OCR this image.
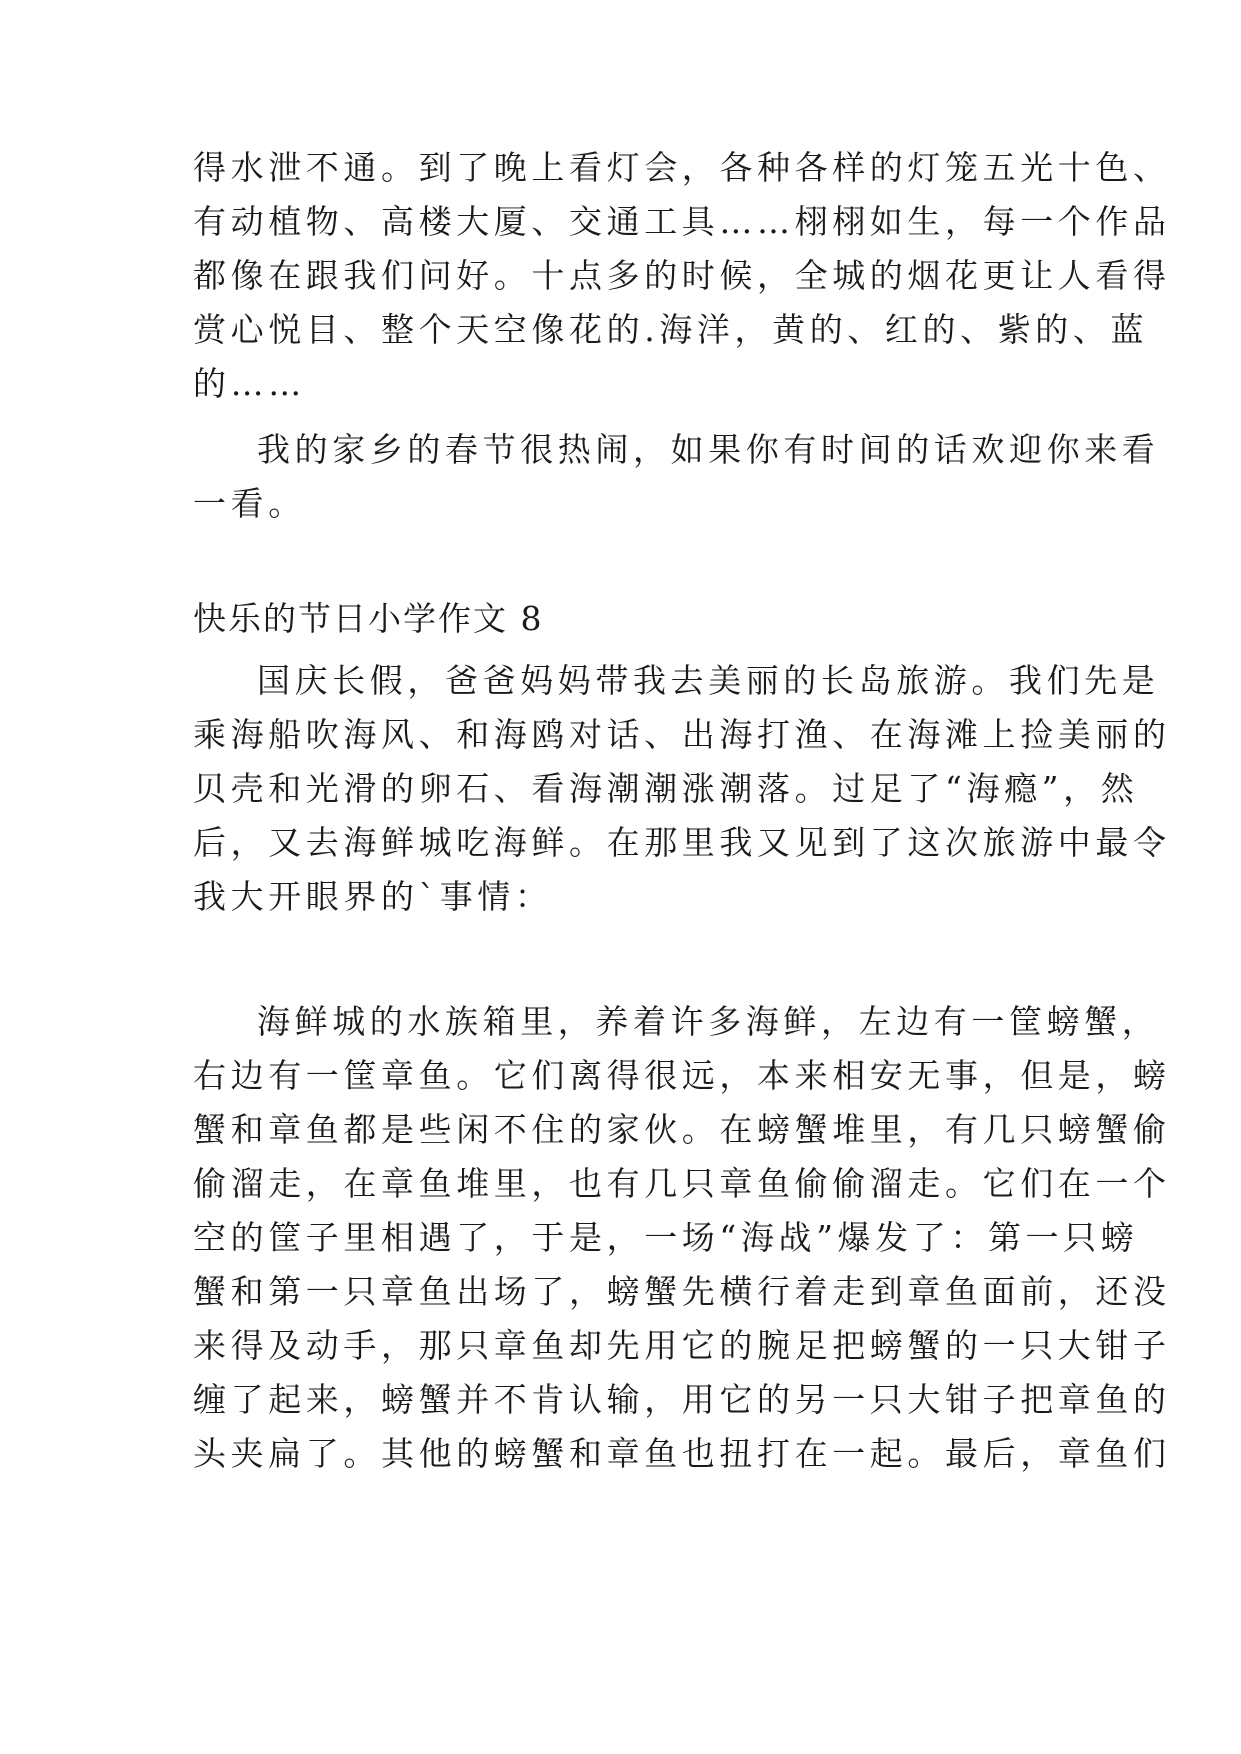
得水泄不通。到了晚上看灯会，各种各样的灯笼五光十色、
有动植物、高楼大厦、交通工具……栩栩如生，每一个作品
都像在跟我们问好。十点多的时候，全城的烟花更让人看得
赏心悦目、整个天空像花的.海洋，黄的、红的、紫的、蓝
的……
我的家乡的春节很热闹，如果你有时间的话欢迎你来看
一看。
快乐的节日小学作文 8
国庆长假，爸爸妈妈带我去美丽的长岛旅游。我们先是
乘海船吹海风、和海鸥对话、出海打渔、在海滩上捡美丽的
贝壳和光滑的卵石、看海潮潮涨潮落。过足了“海瘾”，然
后，又去海鲜城吃海鲜。在那里我又见到了这次旅游中最令
我大开眼界的`事情：
海鲜城的水族箱里，养着许多海鲜，左边有一筐螃蟹，
右边有一筐章鱼。它们离得很远，本来相安无事，但是，螃
蟹和章鱼都是些闲不住的家伙。在螃蟹堆里，有几只螃蟹偷
偷溜走，在章鱼堆里，也有几只章鱼偷偷溜走。它们在一个
空的筐子里相遇了，于是，一场“海战”爆发了：第一只螃
蟹和第一只章鱼出场了，螃蟹先横行着走到章鱼面前，还没
来得及动手，那只章鱼却先用它的腕足把螃蟹的一只大钳子
缠了起来，螃蟹并不肯认输，用它的另一只大钳子把章鱼的
头夹扁了。其他的螃蟹和章鱼也扭打在一起。最后，章鱼们
